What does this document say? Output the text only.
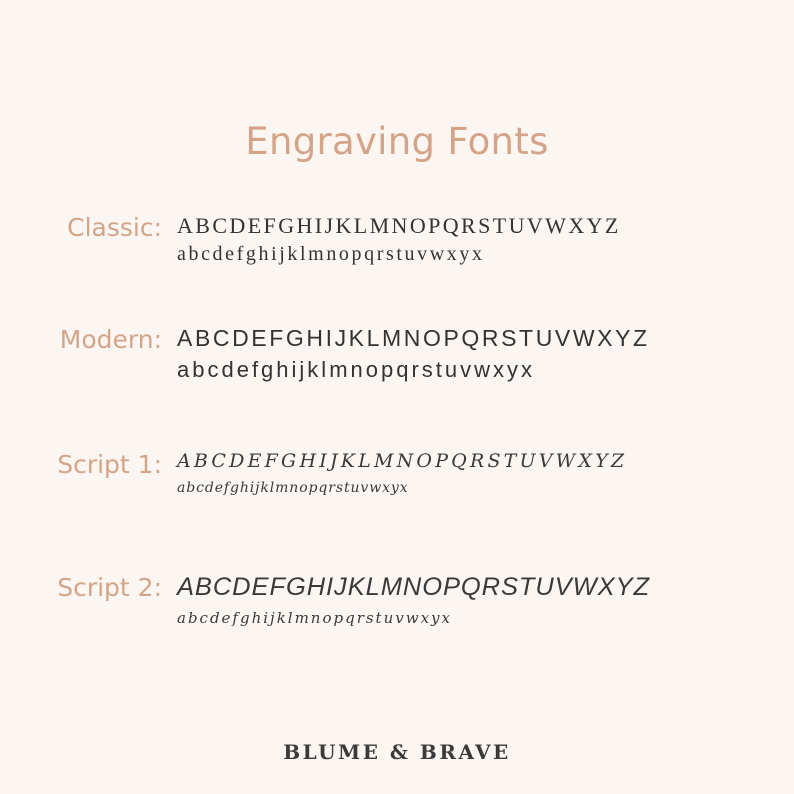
Engraving Fonts
Classic: ABCDEFGHIJKLMNOPQRSTUVWXYZ
abcdefghijklmnopqrstuvwxyx
Modern: ABCDEFGHIJKLMNOPQRSTUVWXYZ
abcdefghijklmnopqrstuvwxyx
Script 1: ABCDEFGHIJKLMNOPQRSTUVWXYZ
abcdefghijklmnopqrstuvwxyx
Script 2: ABCDEFGHIJKLMNOPQRSTUVWXYZ
abcdefghijklmnopqrstuvwxyx
BLUME & BRAVE
